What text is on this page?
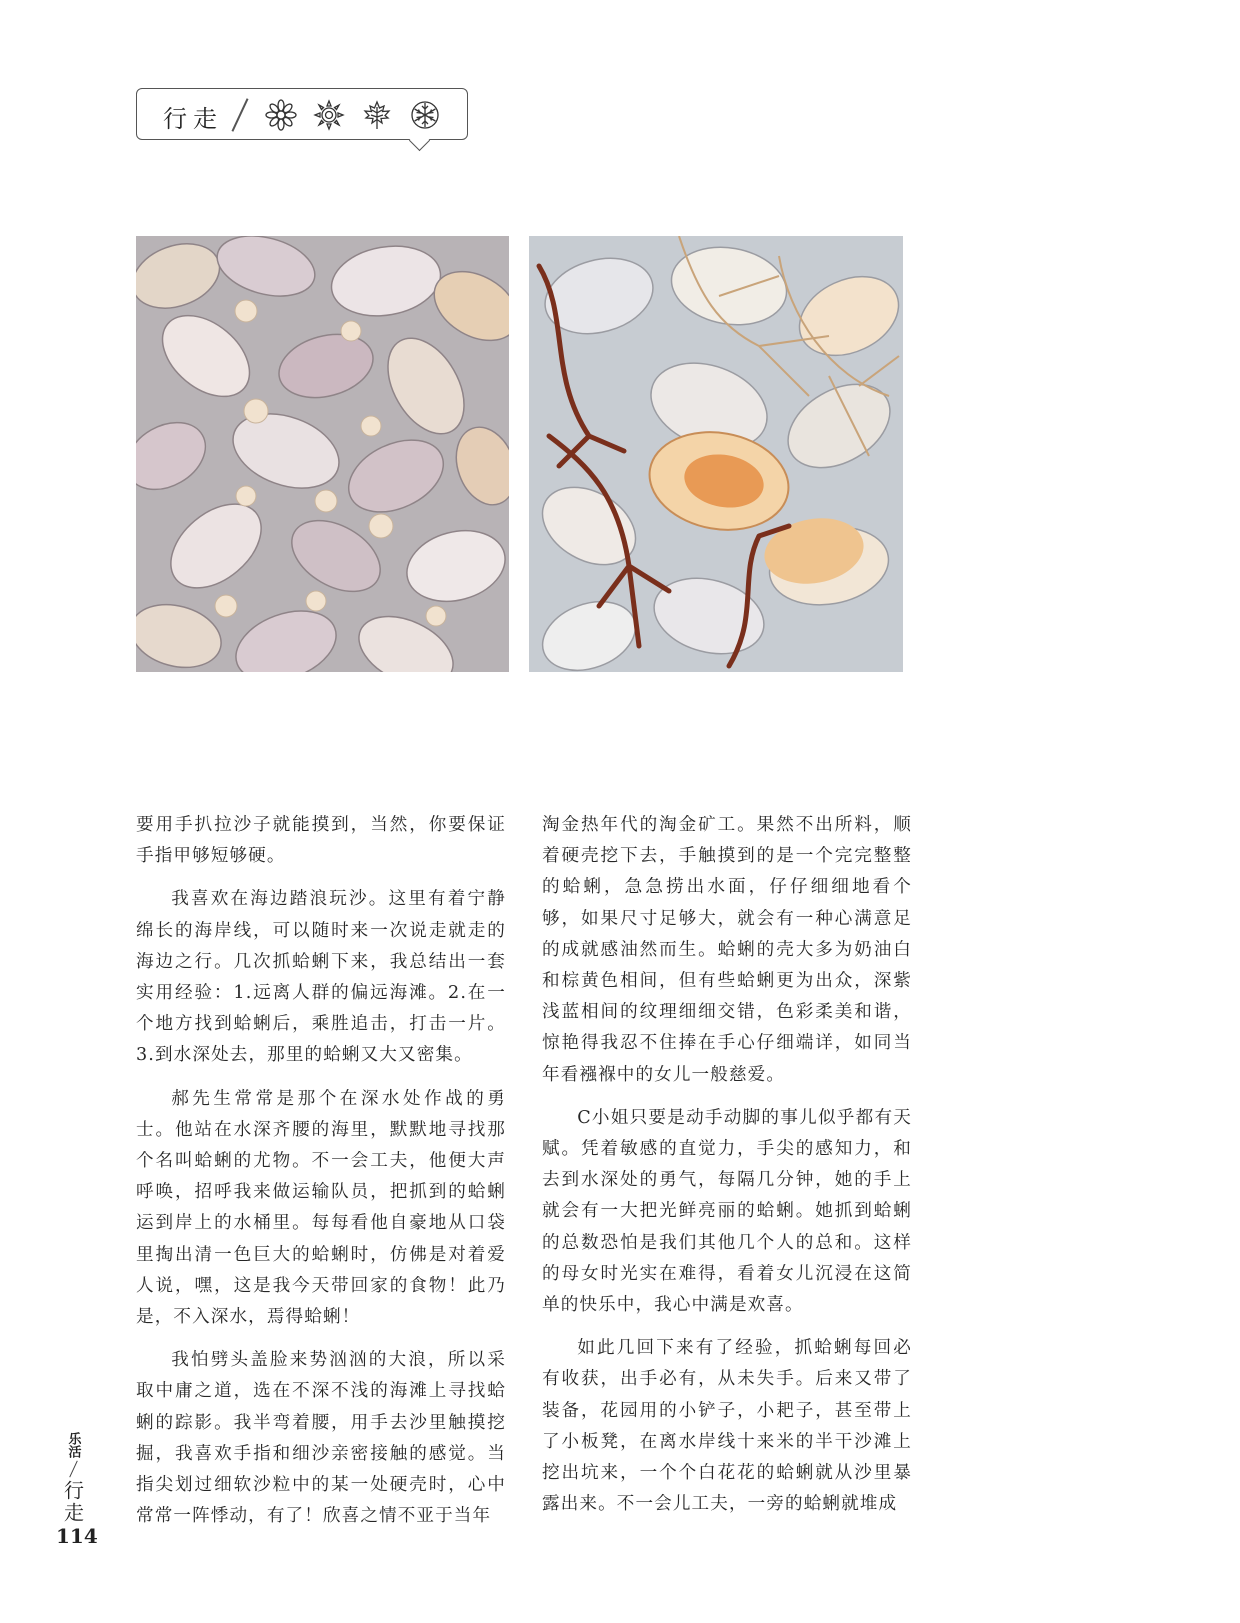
行走

要用手扒拉沙子就能摸到，当然，你要保证手指甲够短够硬。

我喜欢在海边踏浪玩沙。这里有着宁静绵长的海岸线，可以随时来一次说走就走的海边之行。几次抓蛤蜊下来，我总结出一套实用经验：1.远离人群的偏远海滩。2.在一个地方找到蛤蜊后，乘胜追击，打击一片。3.到水深处去，那里的蛤蜊又大又密集。

郝先生常常是那个在深水处作战的勇士。他站在水深齐腰的海里，默默地寻找那个名叫蛤蜊的尤物。不一会工夫，他便大声呼唤，招呼我来做运输队员，把抓到的蛤蜊运到岸上的水桶里。每每看他自豪地从口袋里掏出清一色巨大的蛤蜊时，仿佛是对着爱人说，嘿，这是我今天带回家的食物！此乃是，不入深水，焉得蛤蜊！

我怕劈头盖脸来势汹汹的大浪，所以采取中庸之道，选在不深不浅的海滩上寻找蛤蜊的踪影。我半弯着腰，用手去沙里触摸挖掘，我喜欢手指和细沙亲密接触的感觉。当指尖划过细软沙粒中的某一处硬壳时，心中常常一阵悸动，有了！欣喜之情不亚于当年

淘金热年代的淘金矿工。果然不出所料，顺着硬壳挖下去，手触摸到的是一个完完整整的蛤蜊，急急捞出水面，仔仔细细地看个够，如果尺寸足够大，就会有一种心满意足的成就感油然而生。蛤蜊的壳大多为奶油白和棕黄色相间，但有些蛤蜊更为出众，深紫浅蓝相间的纹理细细交错，色彩柔美和谐，惊艳得我忍不住捧在手心仔细端详，如同当年看襁褓中的女儿一般慈爱。

C小姐只要是动手动脚的事儿似乎都有天赋。凭着敏感的直觉力，手尖的感知力，和去到水深处的勇气，每隔几分钟，她的手上就会有一大把光鲜亮丽的蛤蜊。她抓到蛤蜊的总数恐怕是我们其他几个人的总和。这样的母女时光实在难得，看着女儿沉浸在这简单的快乐中，我心中满是欢喜。

如此几回下来有了经验，抓蛤蜊每回必有收获，出手必有，从未失手。后来又带了装备，花园用的小铲子，小耙子，甚至带上了小板凳，在离水岸线十来米的半干沙滩上挖出坑来，一个个白花花的蛤蜊就从沙里暴露出来。不一会儿工夫，一旁的蛤蜊就堆成

乐活
行走
114
